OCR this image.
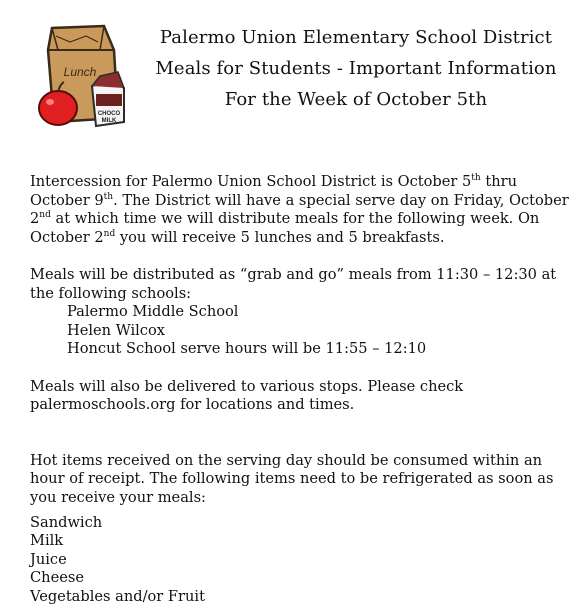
Lunch
CHOCO
MILK
Palermo Union Elementary School District
Meals for Students - Important Information
For the Week of October 5th

Intercession for Palermo Union School District is October 5th thru October 9th. The District will have a special serve day on Friday, October 2nd at which time we will distribute meals for the following week. On October 2nd you will receive 5 lunches and 5 breakfasts.

Meals will be distributed as “grab and go” meals from 11:30 – 12:30 at the following schools:

Palermo Middle School
Helen Wilcox
Honcut School serve hours will be 11:55 – 12:10

Meals will also be delivered to various stops. Please check palermoschools.org for locations and times.

Hot items received on the serving day should be consumed within an hour of receipt. The following items need to be refrigerated as soon as you receive your meals:

Sandwich
Milk
Juice
Cheese
Vegetables and/or Fruit
